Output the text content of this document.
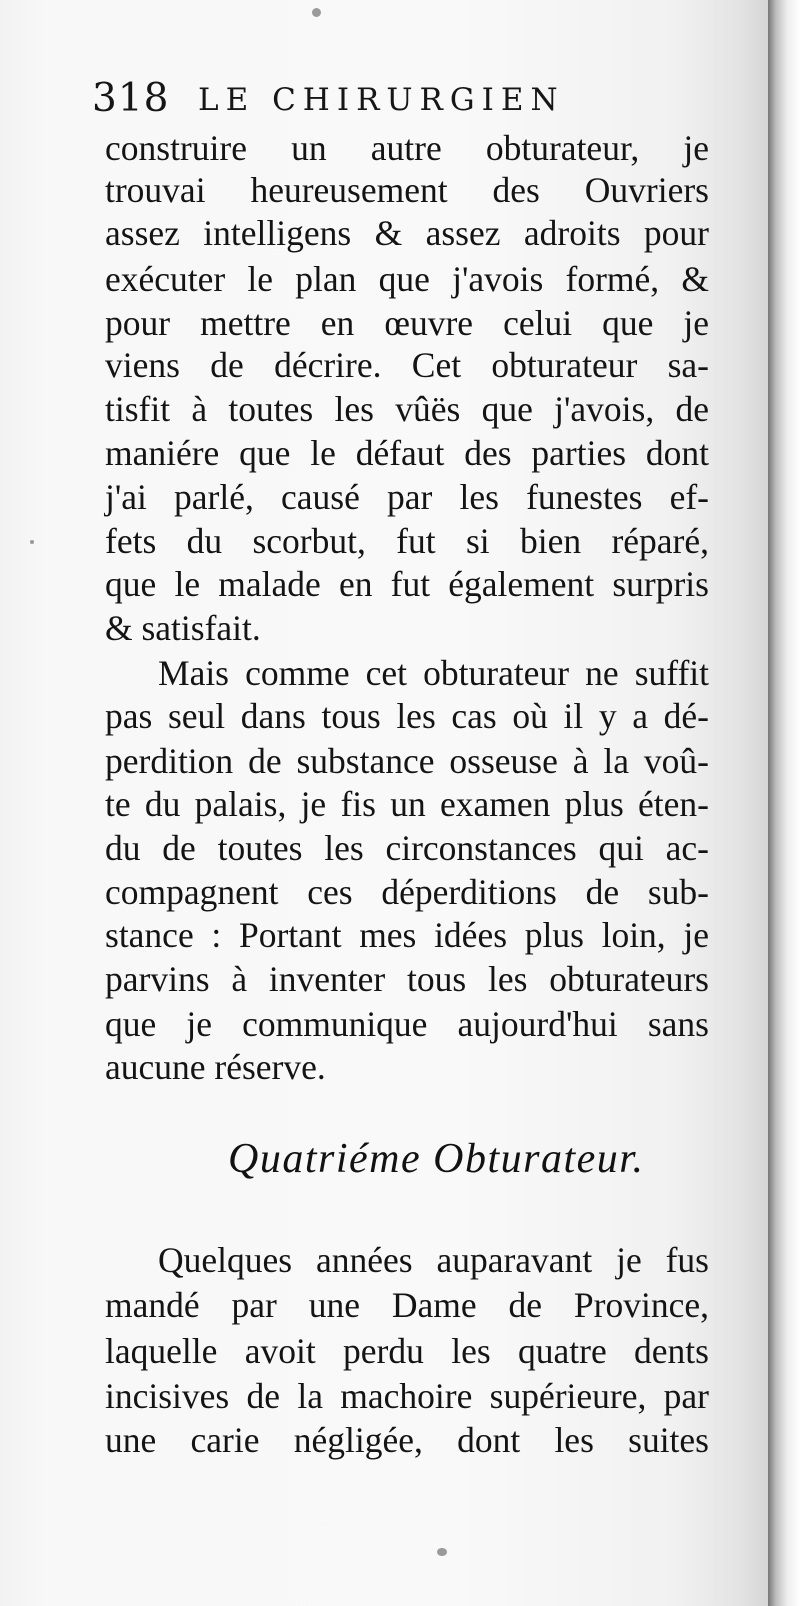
318 LE CHIRURGIEN
construire un autre obturateur, je
trouvai heureusement des Ouvriers
assez intelligens & assez adroits pour
exécuter le plan que j'avois formé, &
pour mettre en œuvre celui que je
viens de décrire. Cet obturateur sa-
tisfit à toutes les vûës que j'avois, de
maniére que le défaut des parties dont
j'ai parlé, causé par les funestes ef-
fets du scorbut, fut si bien réparé,
que le malade en fut également surpris
& satisfait.
Mais comme cet obturateur ne suffit
pas seul dans tous les cas où il y a dé-
perdition de substance osseuse à la voû-
te du palais, je fis un examen plus éten-
du de toutes les circonstances qui ac-
compagnent ces déperditions de sub-
stance : Portant mes idées plus loin, je
parvins à inventer tous les obturateurs
que je communique aujourd'hui sans
aucune réserve.
Quatriéme Obturateur.
Quelques années auparavant je fus
mandé par une Dame de Province,
laquelle avoit perdu les quatre dents
incisives de la machoire supérieure, par
une carie négligée, dont les suites
